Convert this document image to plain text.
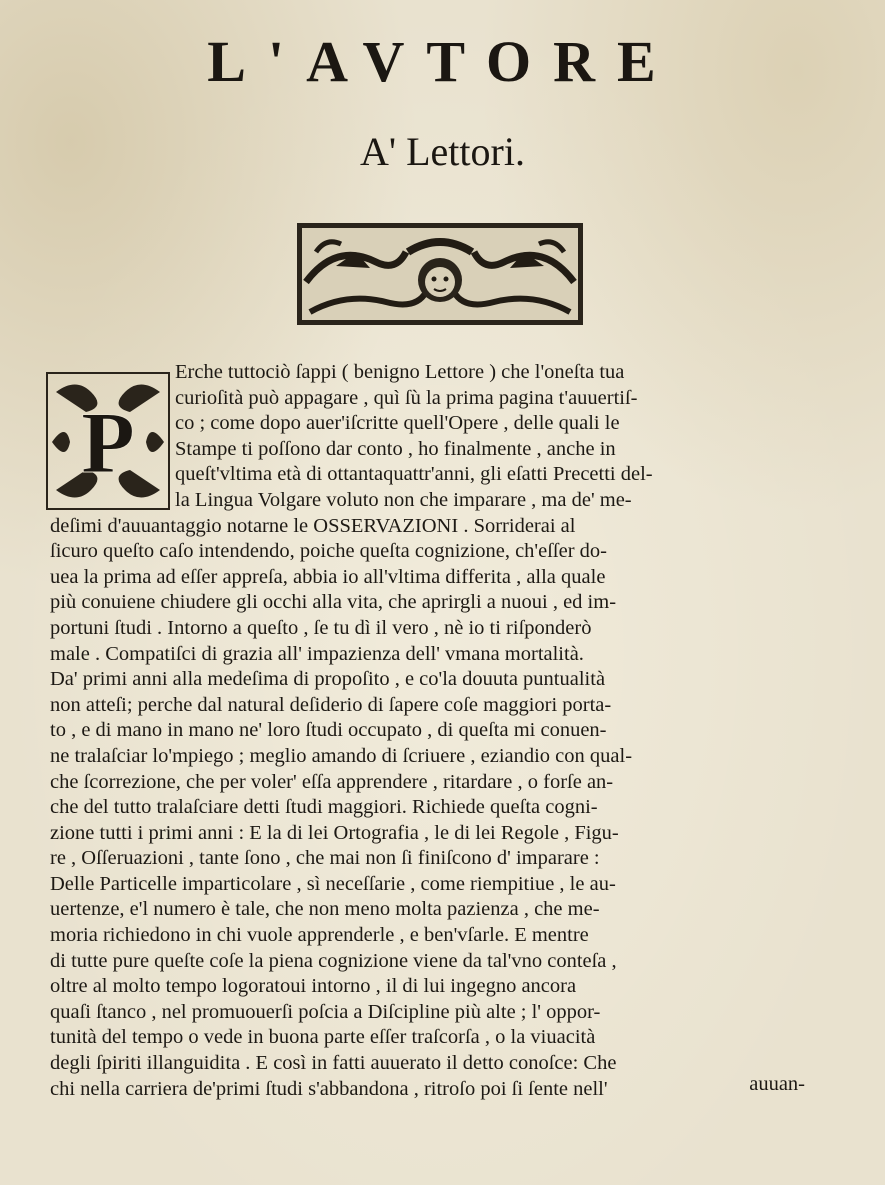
L'AVTORE
A' Lettori.
P
Erche tuttociò ſappi ( benigno Lettore ) che l'oneſta tua
curioſità può appagare , quì ſù la prima pagina t'auuertiſ-
co ; come dopo auer'iſcritte quell'Opere , delle quali le
Stampe ti poſſono dar conto , ho finalmente , anche in
queſt'vltima età di ottantaquattr'anni, gli eſatti Precetti del-
la Lingua Volgare voluto non che imparare , ma de' me-
deſimi d'auuantaggio notarne le OSSERVAZIONI . Sorriderai al
ſicuro queſto caſo intendendo, poiche queſta cognizione, ch'eſſer do-
uea la prima ad eſſer appreſa, abbia io all'vltima differita , alla quale
più conuiene chiudere gli occhi alla vita, che aprirgli a nuoui , ed im-
portuni ſtudi . Intorno a queſto , ſe tu dì il vero , nè io ti riſponderò
male . Compatiſci di grazia all' impazienza dell' vmana mortalità.
Da' primi anni alla medeſima di propoſito , e co'la douuta puntualità
non atteſi; perche dal natural deſiderio di ſapere coſe maggiori porta-
to , e di mano in mano ne' loro ſtudi occupato , di queſta mi conuen-
ne tralaſciar lo'mpiego ; meglio amando di ſcriuere , eziandio con qual-
che ſcorrezione, che per voler' eſſa apprendere , ritardare , o forſe an-
che del tutto tralaſciare detti ſtudi maggiori. Richiede queſta cogni-
zione tutti i primi anni : E la di lei Ortografia , le di lei Regole , Figu-
re , Oſſeruazioni , tante ſono , che mai non ſi finiſcono d' imparare :
Delle Particelle imparticolare , sì neceſſarie , come riempitiue , le au-
uertenze, e'l numero è tale, che non meno molta pazienza , che me-
moria richiedono in chi vuole apprenderle , e ben'vſarle. E mentre
di tutte pure queſte coſe la piena cognizione viene da tal'vno conteſa ,
oltre al molto tempo logoratoui intorno , il di lui ingegno ancora
quaſi ſtanco , nel promuouerſi poſcia a Diſcipline più alte ; l' oppor-
tunità del tempo o vede in buona parte eſſer traſcorſa , o la viuacità
degli ſpiriti illanguidita . E così in fatti auuerato il detto conoſce: Che
chi nella carriera de'primi ſtudi s'abbandona , ritroſo poi ſi ſente nell'	auuan-
